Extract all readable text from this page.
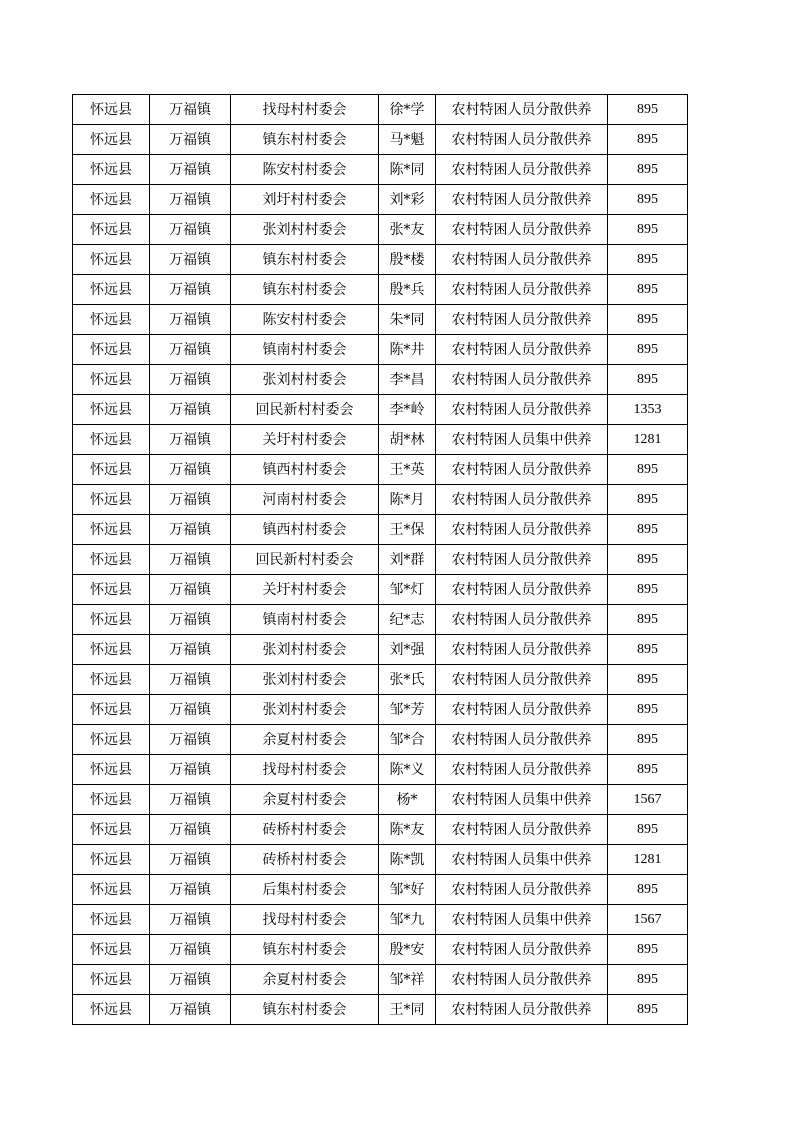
怀远县	万福镇	找母村村委会	徐*学	农村特困人员分散供养	895
怀远县	万福镇	镇东村村委会	马*魁	农村特困人员分散供养	895
怀远县	万福镇	陈安村村委会	陈*同	农村特困人员分散供养	895
怀远县	万福镇	刘圩村村委会	刘*彩	农村特困人员分散供养	895
怀远县	万福镇	张刘村村委会	张*友	农村特困人员分散供养	895
怀远县	万福镇	镇东村村委会	殷*楼	农村特困人员分散供养	895
怀远县	万福镇	镇东村村委会	殷*兵	农村特困人员分散供养	895
怀远县	万福镇	陈安村村委会	朱*同	农村特困人员分散供养	895
怀远县	万福镇	镇南村村委会	陈*井	农村特困人员分散供养	895
怀远县	万福镇	张刘村村委会	李*昌	农村特困人员分散供养	895
怀远县	万福镇	回民新村村委会	李*岭	农村特困人员分散供养	1353
怀远县	万福镇	关圩村村委会	胡*林	农村特困人员集中供养	1281
怀远县	万福镇	镇西村村委会	王*英	农村特困人员分散供养	895
怀远县	万福镇	河南村村委会	陈*月	农村特困人员分散供养	895
怀远县	万福镇	镇西村村委会	王*保	农村特困人员分散供养	895
怀远县	万福镇	回民新村村委会	刘*群	农村特困人员分散供养	895
怀远县	万福镇	关圩村村委会	邹*灯	农村特困人员分散供养	895
怀远县	万福镇	镇南村村委会	纪*志	农村特困人员分散供养	895
怀远县	万福镇	张刘村村委会	刘*强	农村特困人员分散供养	895
怀远县	万福镇	张刘村村委会	张*氏	农村特困人员分散供养	895
怀远县	万福镇	张刘村村委会	邹*芳	农村特困人员分散供养	895
怀远县	万福镇	余夏村村委会	邹*合	农村特困人员分散供养	895
怀远县	万福镇	找母村村委会	陈*义	农村特困人员分散供养	895
怀远县	万福镇	余夏村村委会	杨*	农村特困人员集中供养	1567
怀远县	万福镇	砖桥村村委会	陈*友	农村特困人员分散供养	895
怀远县	万福镇	砖桥村村委会	陈*凯	农村特困人员集中供养	1281
怀远县	万福镇	后集村村委会	邹*好	农村特困人员分散供养	895
怀远县	万福镇	找母村村委会	邹*九	农村特困人员集中供养	1567
怀远县	万福镇	镇东村村委会	殷*安	农村特困人员分散供养	895
怀远县	万福镇	余夏村村委会	邹*祥	农村特困人员分散供养	895
怀远县	万福镇	镇东村村委会	王*同	农村特困人员分散供养	895
